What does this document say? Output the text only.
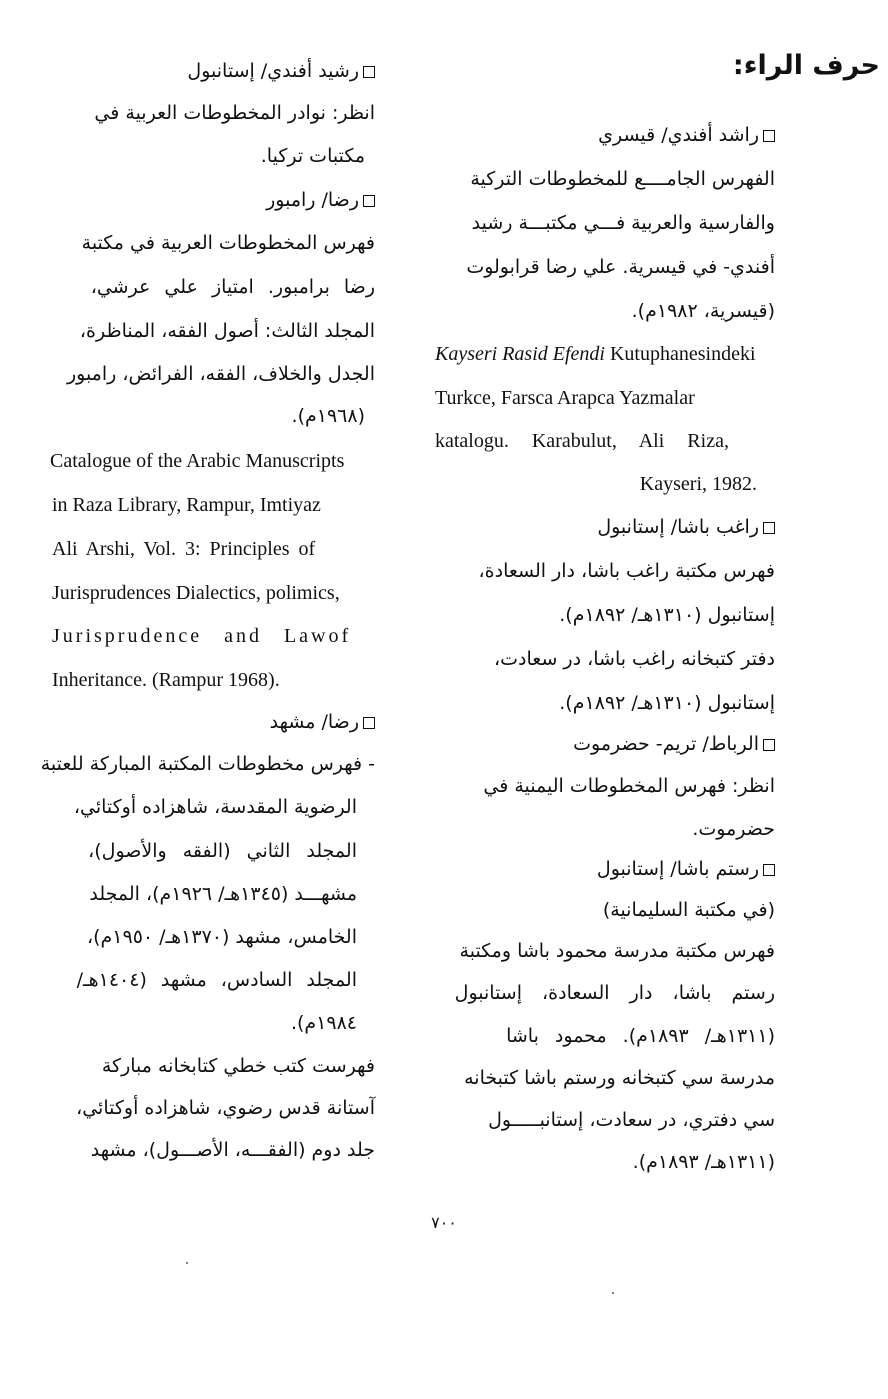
حرف الراء:
راشد أفندي/ قيسري
الفهرس الجامــــع للمخطوطات التركية
والفارسية والعربية فـــي مكتبـــة رشيد
أفندي- في قيسرية. علي رضا قرابولوت
(قيسرية، ١٩٨٢م).
Kayseri Rasid Efendi Kutuphanesindeki
Turkce, Farsca Arapca Yazmalar
katalogu. Karabulut, Ali Riza,
Kayseri, 1982.
راغب باشا/ إستانبول
فهرس مكتبة راغب باشا، دار السعادة،
إستانبول (١٣١٠هـ/ ١٨٩٢م).
دفتر كتبخانه راغب باشا، در سعادت،
إستانبول (١٣١٠هـ/ ١٨٩٢م).
الرباط/ تريم- حضرموت
انظر: فهرس المخطوطات اليمنية في
حضرموت.
رستم باشا/ إستانبول
(في مكتبة السليمانية)
فهرس مكتبة مدرسة محمود باشا ومكتبة
رستم باشا، دار السعادة، إستانبول
(١٣١١هـ/ ١٨٩٣م). محمود باشا
مدرسة سي كتبخانه ورستم باشا كتبخانه
سي دفتري، در سعادت، إستانبـــــول
(١٣١١هـ/ ١٨٩٣م).
رشيد أفندي/ إستانبول
انظر: نوادر المخطوطات العربية في
مكتبات تركيا.
رضا/ رامبور
فهرس المخطوطات العربية في مكتبة
رضا برامبور. امتياز علي عرشي،
المجلد الثالث: أصول الفقه، المناظرة،
الجدل والخلاف، الفقه، الفرائض، رامبور
(١٩٦٨م).
Catalogue of the Arabic Manuscripts
in Raza Library, Rampur, Imtiyaz
Ali Arshi, Vol. 3: Principles of
Jurisprudences Dialectics, polimics,
Jurisprudence and Lawof
Inheritance. (Rampur 1968).
رضا/ مشهد
- فهرس مخطوطات المكتبة المباركة للعتبة
الرضوية المقدسة، شاهزاده أوكتائي،
المجلد الثاني (الفقه والأصول)،
مشهـــد (١٣٤٥هـ/ ١٩٢٦م)، المجلد
الخامس، مشهد (١٣٧٠هـ/ ١٩٥٠م)،
المجلد السادس، مشهد (١٤٠٤هـ/
١٩٨٤م).
فهرست كتب خطي كتابخانه مباركة
آستانة قدس رضوي، شاهزاده أوكتائي،
جلد دوم (الفقـــه، الأصـــول)، مشهد
٧٠٠
